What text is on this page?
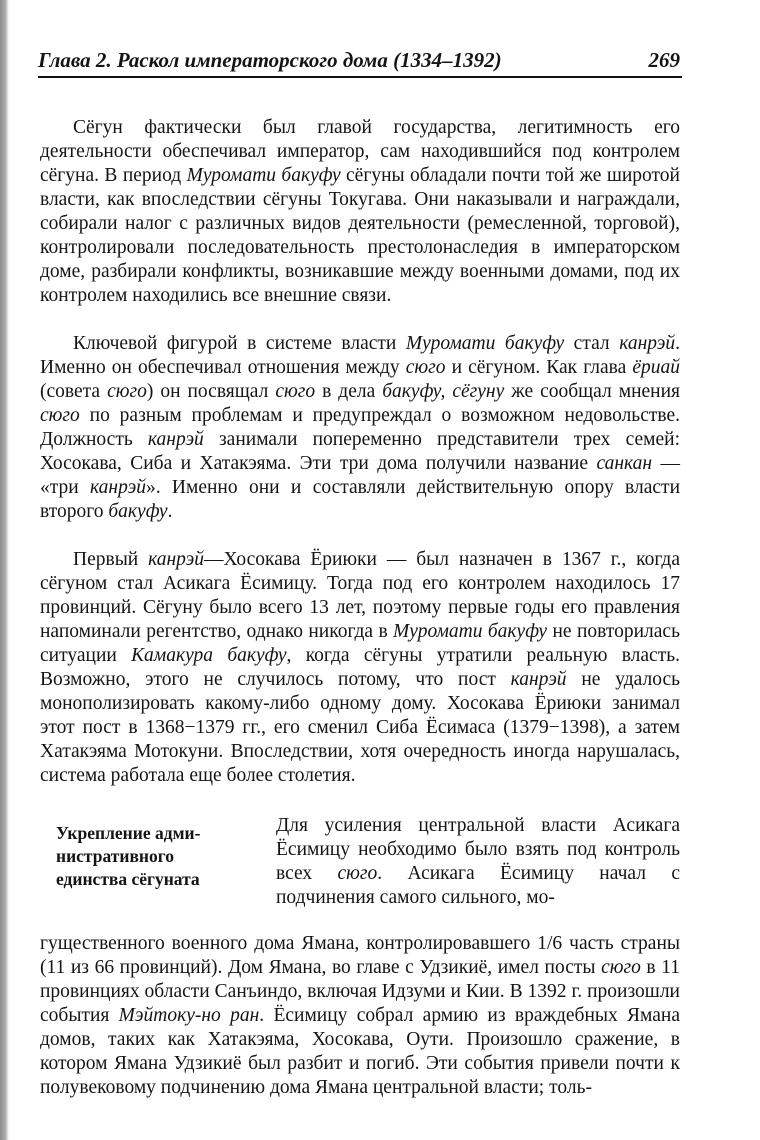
Глава 2. Раскол императорского дома (1334–1392)	269

Сёгун фактически был главой государства, легитимность его деятельности обеспечивал император, сам находившийся под контролем сёгуна. В период Муромати бакуфу сёгуны обладали почти той же широтой власти, как впоследствии сёгуны Токугава. Они наказывали и награждали, собирали налог с различных видов деятельности (ремесленной, торговой), контролировали последовательность престолонаследия в императорском доме, разбирали конфликты, возникавшие между военными домами, под их контролем находились все внешние связи.

Ключевой фигурой в системе власти Муромати бакуфу стал канрэй. Именно он обеспечивал отношения между сюго и сёгуном. Как глава ёриай (совета сюго) он посвящал сюго в дела бакуфу, сёгуну же сообщал мнения сюго по разным проблемам и предупреждал о возможном недовольстве. Должность канрэй занимали попеременно представители трех семей: Хосокава, Сиба и Хатакэяма. Эти три дома получили название санкан — «три канрэй». Именно они и составляли действительную опору власти второго бакуфу.

Первый канрэй—Хосокава Ёриюки — был назначен в 1367 г., когда сёгуном стал Асикага Ёсимицу. Тогда под его контролем находилось 17 провинций. Сёгуну было всего 13 лет, поэтому первые годы его правления напоминали регентство, однако никогда в Муромати бакуфу не повторилась ситуации Камакура бакуфу, когда сёгуны утратили реальную власть. Возможно, этого не случилось потому, что пост канрэй не удалось монополизировать какому-либо одному дому. Хосокава Ёриюки занимал этот пост в 1368−1379 гг., его сменил Сиба Ёсимаса (1379−1398), а затем Хатакэяма Мотокуни. Впоследствии, хотя очередность иногда нарушалась, система работала еще более столетия.

Укрепление адми-
нистративного
единства сёгуната

Для усиления центральной власти Асикага Ёсимицу необходимо было взять под контроль всех сюго. Асикага Ёсимицу начал с подчинения самого сильного, мо-

гущественного военного дома Ямана, контролировавшего 1/6 часть страны (11 из 66 провинций). Дом Ямана, во главе с Удзикиё, имел посты сюго в 11 провинциях области Санъиндо, включая Идзуми и Кии. В 1392 г. произошли события Мэйтоку-но ран. Ёсимицу собрал армию из враждебных Ямана домов, таких как Хатакэяма, Хосокава, Оути. Произошло сражение, в котором Ямана Удзикиё был разбит и погиб. Эти события привели почти к полувековому подчинению дома Ямана центральной власти; толь-
